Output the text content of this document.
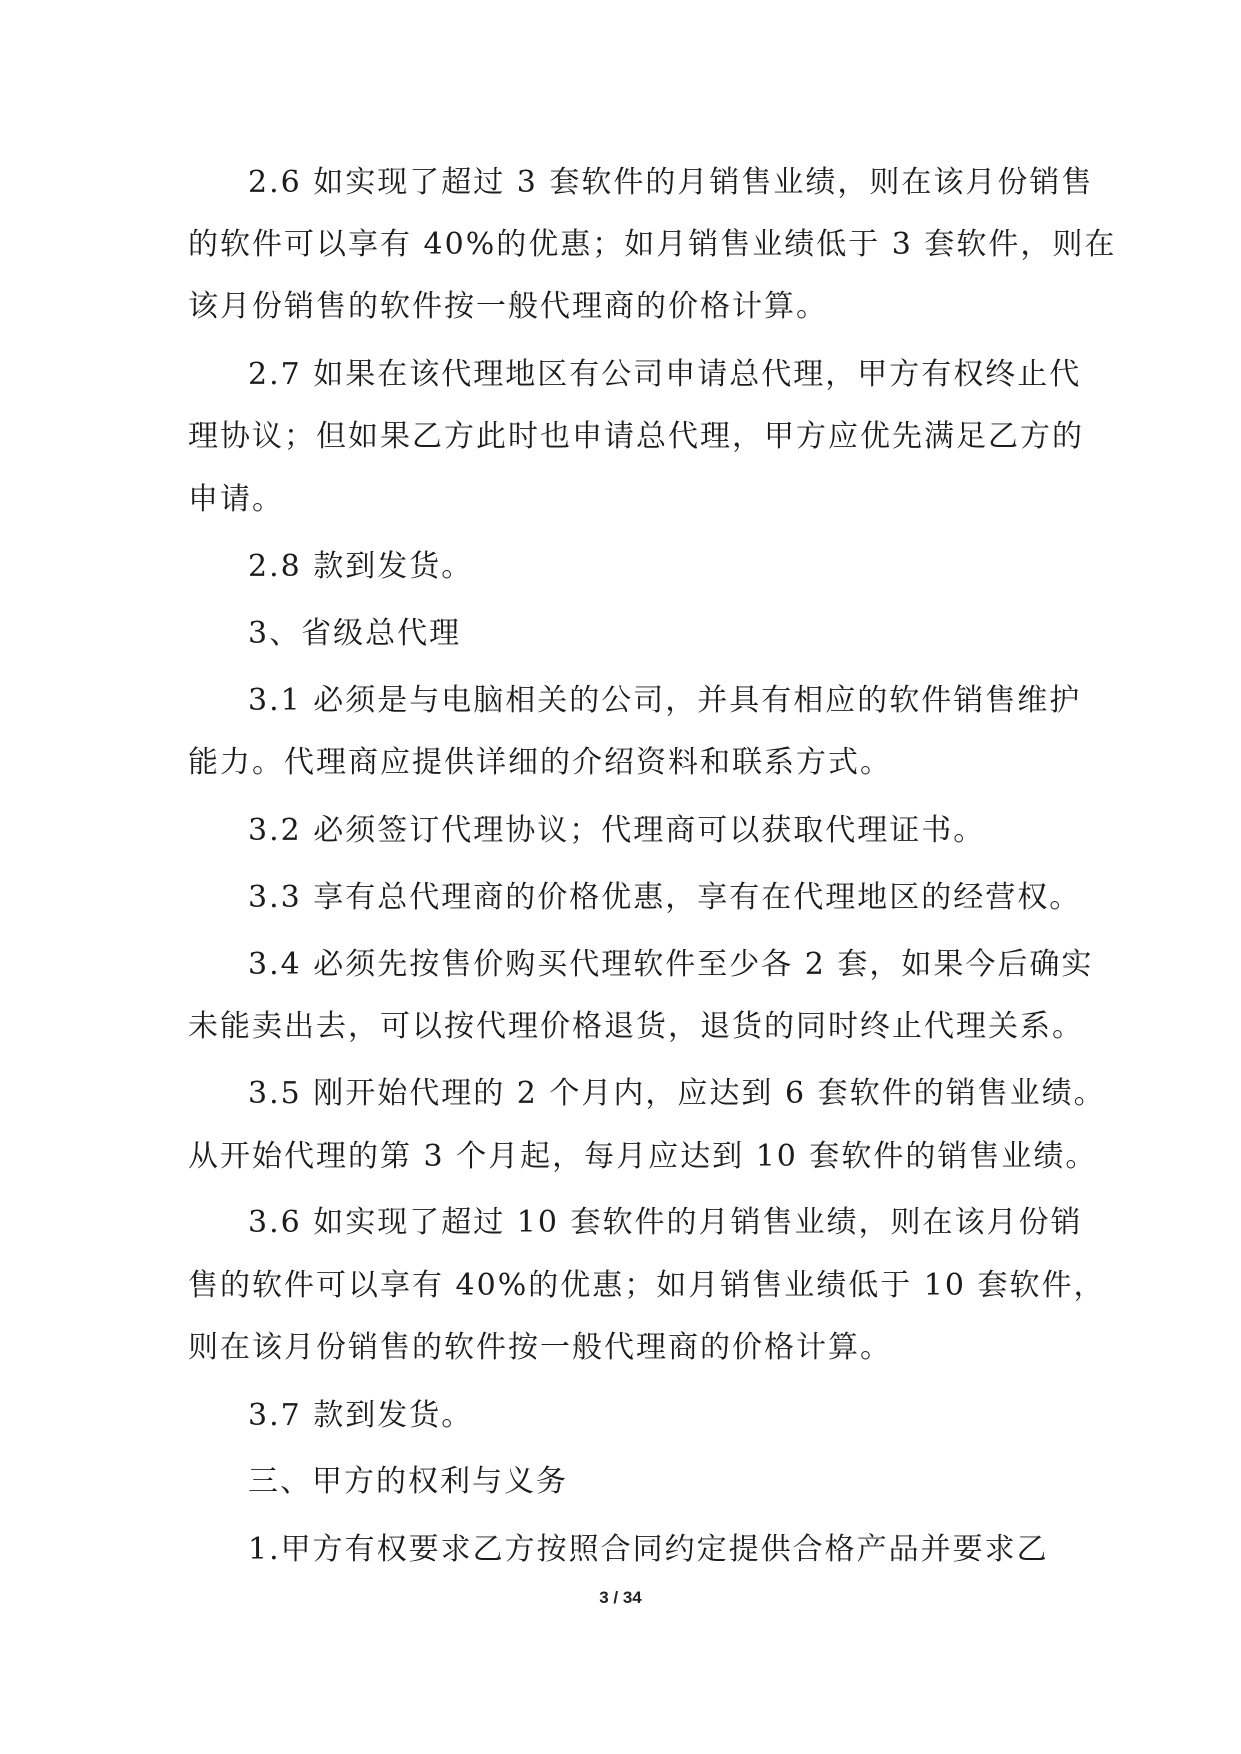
2.6 如实现了超过 3 套软件的月销售业绩，则在该月份销售
的软件可以享有 40%的优惠；如月销售业绩低于 3 套软件，则在
该月份销售的软件按一般代理商的价格计算。
2.7 如果在该代理地区有公司申请总代理，甲方有权终止代
理协议；但如果乙方此时也申请总代理，甲方应优先满足乙方的
申请。
2.8 款到发货。
3、省级总代理
3.1 必须是与电脑相关的公司，并具有相应的软件销售维护
能力。代理商应提供详细的介绍资料和联系方式。
3.2 必须签订代理协议；代理商可以获取代理证书。
3.3 享有总代理商的价格优惠，享有在代理地区的经营权。
3.4 必须先按售价购买代理软件至少各 2 套，如果今后确实
未能卖出去，可以按代理价格退货，退货的同时终止代理关系。
3.5 刚开始代理的 2 个月内，应达到 6 套软件的销售业绩。
从开始代理的第 3 个月起，每月应达到 10 套软件的销售业绩。
3.6 如实现了超过 10 套软件的月销售业绩，则在该月份销
售的软件可以享有 40%的优惠；如月销售业绩低于 10 套软件，
则在该月份销售的软件按一般代理商的价格计算。
3.7 款到发货。
三、甲方的权利与义务
1.甲方有权要求乙方按照合同约定提供合格产品并要求乙
3 / 34
